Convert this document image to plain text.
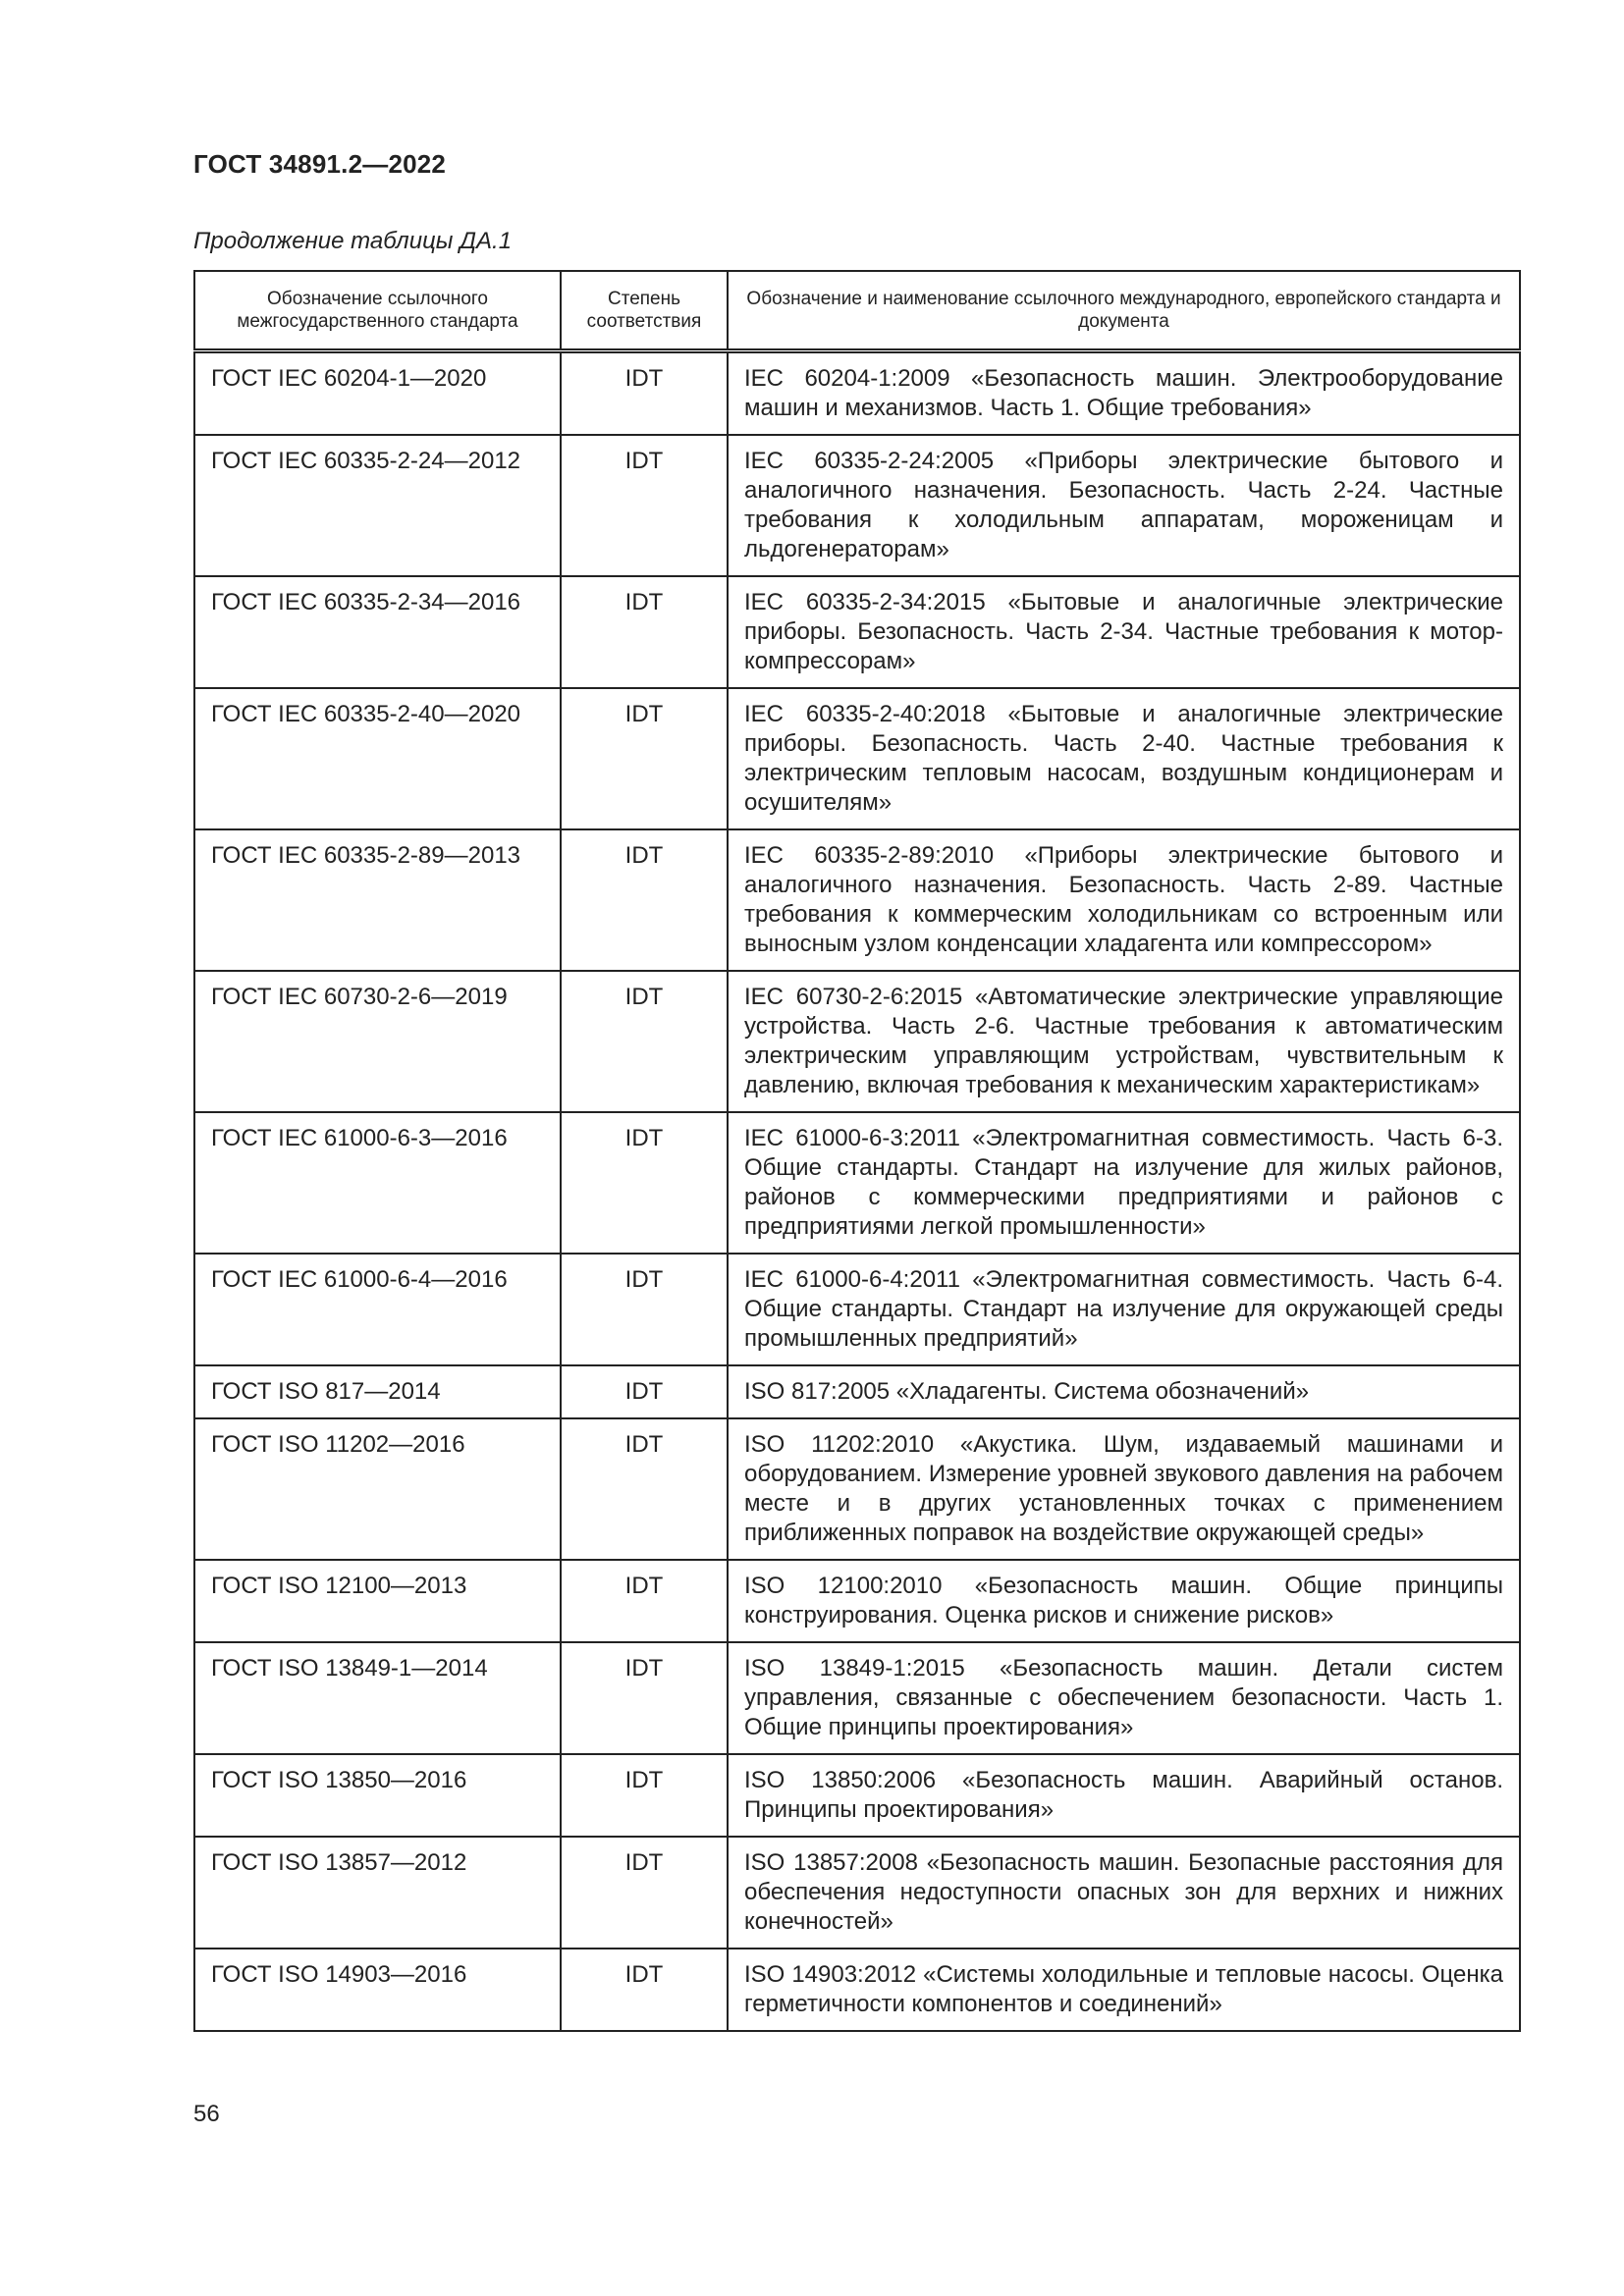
ГОСТ 34891.2—2022
Продолжение таблицы ДА.1
Обозначение ссылочного межгосударственного стандарта	Степень соответствия	Обозначение и наименование ссылочного международного, европейского стандарта и документа
ГОСТ IEC 60204-1—2020	IDT	IEC 60204-1:2009 «Безопасность машин. Электрооборудование машин и механизмов. Часть 1. Общие требования»
ГОСТ IEC 60335-2-24—2012	IDT	IEC 60335-2-24:2005 «Приборы электрические бытового и аналогичного назначения. Безопасность. Часть 2-24. Частные требования к холодильным аппаратам, мороженицам и льдогенераторам»
ГОСТ IEC 60335-2-34—2016	IDT	IEC 60335-2-34:2015 «Бытовые и аналогичные электрические приборы. Безопасность. Часть 2-34. Частные требования к мотор-компрессорам»
ГОСТ IEC 60335-2-40—2020	IDT	IEC 60335-2-40:2018 «Бытовые и аналогичные электрические приборы. Безопасность. Часть 2-40. Частные требования к электрическим тепловым насосам, воздушным кондиционерам и осушителям»
ГОСТ IEC 60335-2-89—2013	IDT	IEC 60335-2-89:2010 «Приборы электрические бытового и аналогичного назначения. Безопасность. Часть 2-89. Частные требования к коммерческим холодильникам со встроенным или выносным узлом конденсации хладагента или компрессором»
ГОСТ IEC 60730-2-6—2019	IDT	IEC 60730-2-6:2015 «Автоматические электрические управляющие устройства. Часть 2-6. Частные требования к автоматическим электрическим управляющим устройствам, чувствительным к давлению, включая требования к механическим характеристикам»
ГОСТ IEC 61000-6-3—2016	IDT	IEC 61000-6-3:2011 «Электромагнитная совместимость. Часть 6-3. Общие стандарты. Стандарт на излучение для жилых районов, районов с коммерческими предприятиями и районов с предприятиями легкой промышленности»
ГОСТ IEC 61000-6-4—2016	IDT	IEC 61000-6-4:2011 «Электромагнитная совместимость. Часть 6-4. Общие стандарты. Стандарт на излучение для окружающей среды промышленных предприятий»
ГОСТ ISO 817—2014	IDT	ISO 817:2005 «Хладагенты. Система обозначений»
ГОСТ ISO 11202—2016	IDT	ISO 11202:2010 «Акустика. Шум, издаваемый машинами и оборудованием. Измерение уровней звукового давления на рабочем месте и в других установленных точках с применением приближенных поправок на воздействие окружающей среды»
ГОСТ ISO 12100—2013	IDT	ISO 12100:2010 «Безопасность машин. Общие принципы конструирования. Оценка рисков и снижение рисков»
ГОСТ ISO 13849-1—2014	IDT	ISO 13849-1:2015 «Безопасность машин. Детали систем управления, связанные с обеспечением безопасности. Часть 1. Общие принципы проектирования»
ГОСТ ISO 13850—2016	IDT	ISO 13850:2006 «Безопасность машин. Аварийный останов. Принципы проектирования»
ГОСТ ISO 13857—2012	IDT	ISO 13857:2008 «Безопасность машин. Безопасные расстояния для обеспечения недоступности опасных зон для верхних и нижних конечностей»
ГОСТ ISO 14903—2016	IDT	ISO 14903:2012 «Системы холодильные и тепловые насосы. Оценка герметичности компонентов и соединений»
56
